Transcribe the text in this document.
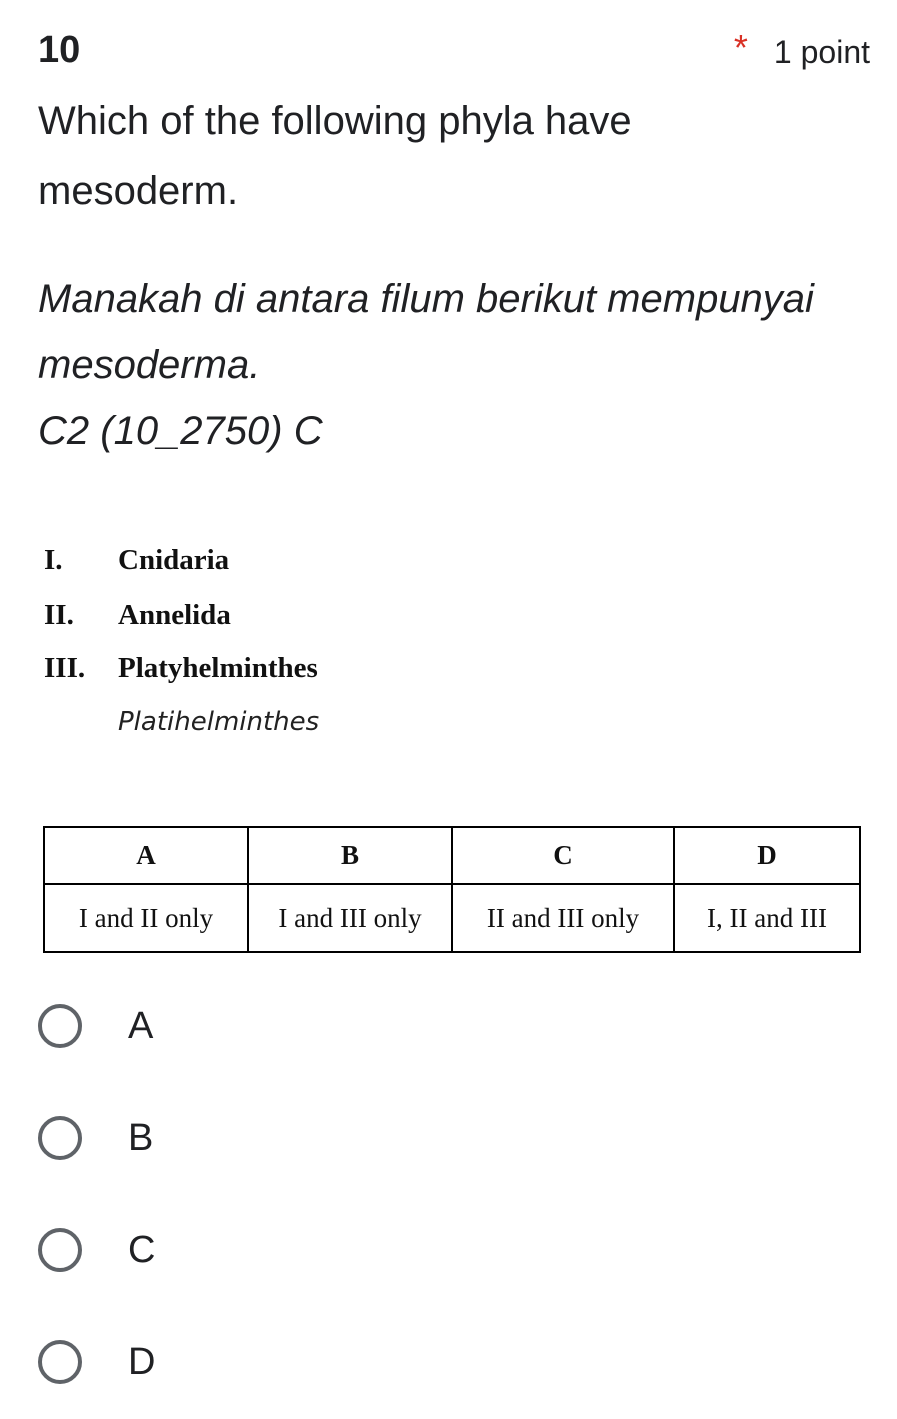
10	* 1 point
Which of the following phyla have mesoderm.
Manakah di antara filum berikut mempunyai mesoderma.
C2 (10_2750) C
I. Cnidaria
II. Annelida
III. Platyhelminthes
Platihelminthes
A	B	C	D
I and II only	I and III only	II and III only	I, II and III
A
B
C
D
